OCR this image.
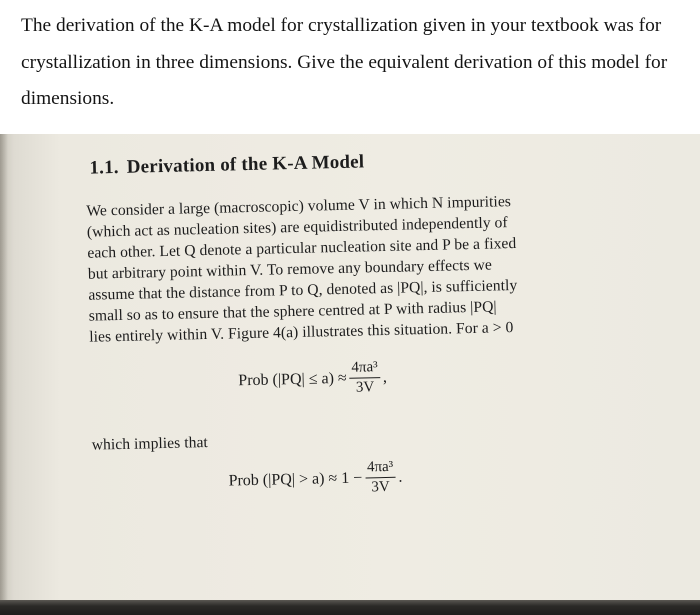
The derivation of the K-A model for crystallization given in your textbook was for
crystallization in three dimensions. Give the equivalent derivation of this model for
dimensions.
1.1. Derivation of the K-A Model
We consider a large (macroscopic) volume V in which N impurities
(which act as nucleation sites) are equidistributed independently of
each other. Let Q denote a particular nucleation site and P be a fixed
but arbitrary point within V. To remove any boundary effects we
assume that the distance from P to Q, denoted as |PQ|, is sufficiently
small so as to ensure that the sphere centred at P with radius |PQ|
lies entirely within V. Figure 4(a) illustrates this situation. For a > 0
Prob $(|PQ| \le a) \approx \frac{\text{4πa³}}{3V}$ ,
which implies that
Prob $(|PQ| > a) \approx 1 - \frac{\text{4πa³}}{3V}$ .
